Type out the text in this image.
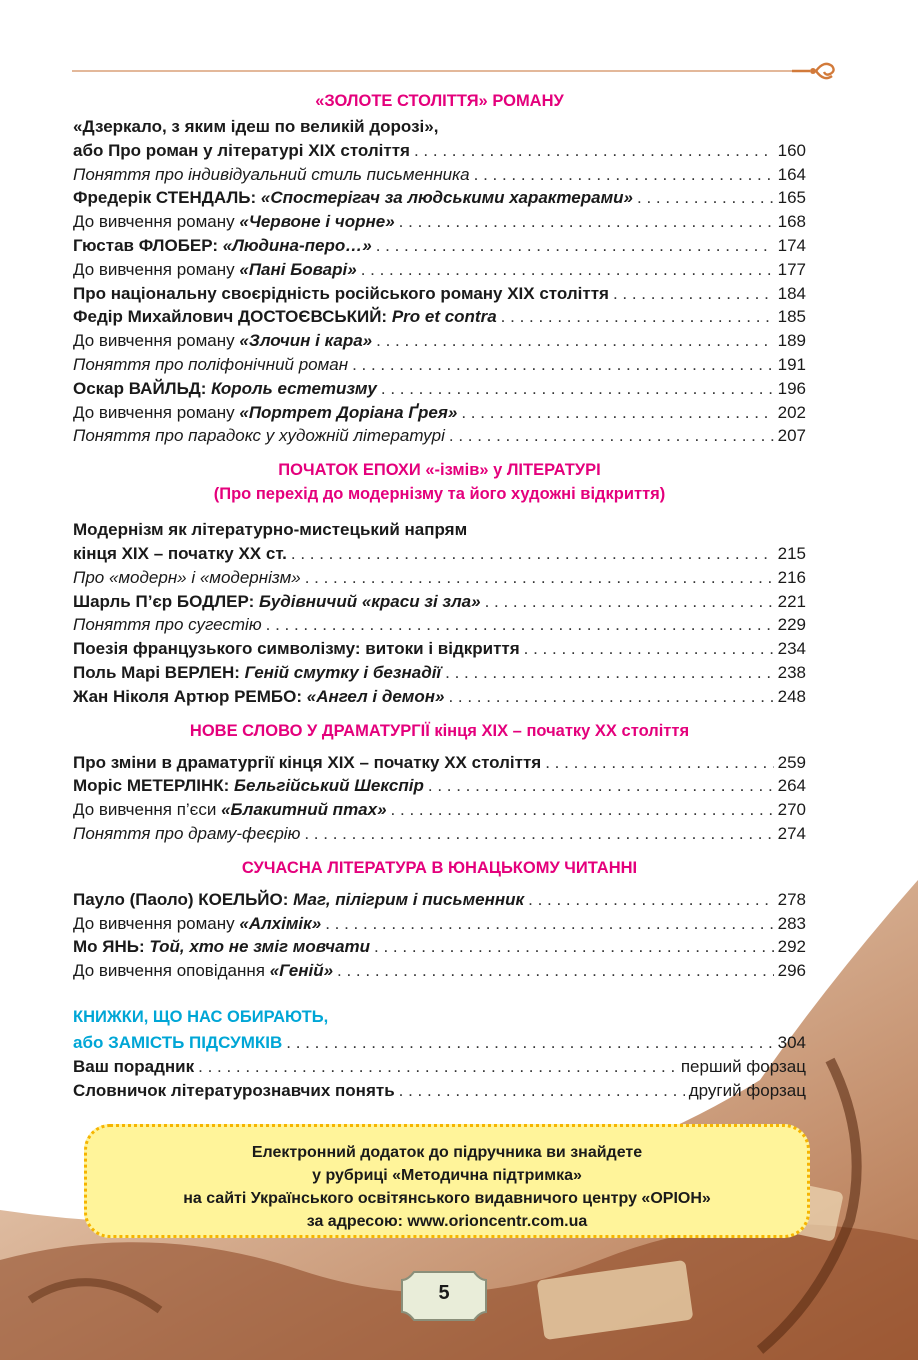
«ЗОЛОТЕ СТОЛІТТЯ» РОМАНУ
«Дзеркало, з яким ідеш по великій дорозі»,
або Про роман у літературі XIX століття . . .	160
Поняття про індивідуальний стиль письменника . . .	164
Фредерік СТЕНДАЛЬ: «Спостерігач за людськими характерами» . . .	165
До вивчення роману «Червоне і чорне» . . .	168
Гюстав ФЛОБЕР: «Людина-перо…» . . .	174
До вивчення роману «Пані Боварі» . . .	177
Про національну своєрідність російського роману XIX століття . . .	184
Федір Михайлович ДОСТОЄВСЬКИЙ: Pro et contra . . .	185
До вивчення роману «Злочин і кара» . . .	189
Поняття про поліфонічний роман . . .	191
Оскар ВАЙЛЬД: Король естетизму . . .	196
До вивчення роману «Портрет Доріана Ґрея» . . .	202
Поняття про парадокс у художній літературі . . .	207
ПОЧАТОК ЕПОХИ «-ізмів» у ЛІТЕРАТУРІ
(Про перехід до модернізму та його художні відкриття)
Модернізм як літературно-мистецький напрям
кінця XIX – початку XX ст. . . .	215
Про «модерн» і «модернізм» . . .	216
Шарль П’єр БОДЛЕР: Будівничий «краси зі зла» . . .	221
Поняття про сугестію . . .	229
Поезія французького символізму: витоки і відкриття . . .	234
Поль Марі ВЕРЛЕН: Геній смутку і безнадії . . .	238
Жан Ніколя Артюр РЕМБО: «Ангел і демон» . . .	248
НОВЕ СЛОВО У ДРАМАТУРГІЇ кінця XIX – початку XX століття
Про зміни в драматургії кінця XIX – початку XX століття . . .	259
Моріс МЕТЕРЛІНК: Бельгійський Шекспір . . .	264
До вивчення п’єси «Блакитний птах» . . .	270
Поняття про драму-феєрію . . .	274
СУЧАСНА ЛІТЕРАТУРА В ЮНАЦЬКОМУ ЧИТАННІ
Пауло (Паоло) КОЕЛЬЙО: Маг, пілігрим і письменник . . .	278
До вивчення роману «Алхімік» . . .	283
Мо ЯНЬ: Той, хто не зміг мовчати . . .	292
До вивчення оповідання «Геній» . . .	296
КНИЖКИ, ЩО НАС ОБИРАЮТЬ,
або ЗАМІСТЬ ПІДСУМКІВ . . .	304
Ваш порадник . . .	перший форзац
Словничок літературознавчих понять . . .	другий форзац
Електронний додаток до підручника ви знайдете
у рубриці «Методична підтримка»
на сайті Українського освітянського видавничого центру «ОРІОН»
за адресою: www.orioncentr.com.ua
5
